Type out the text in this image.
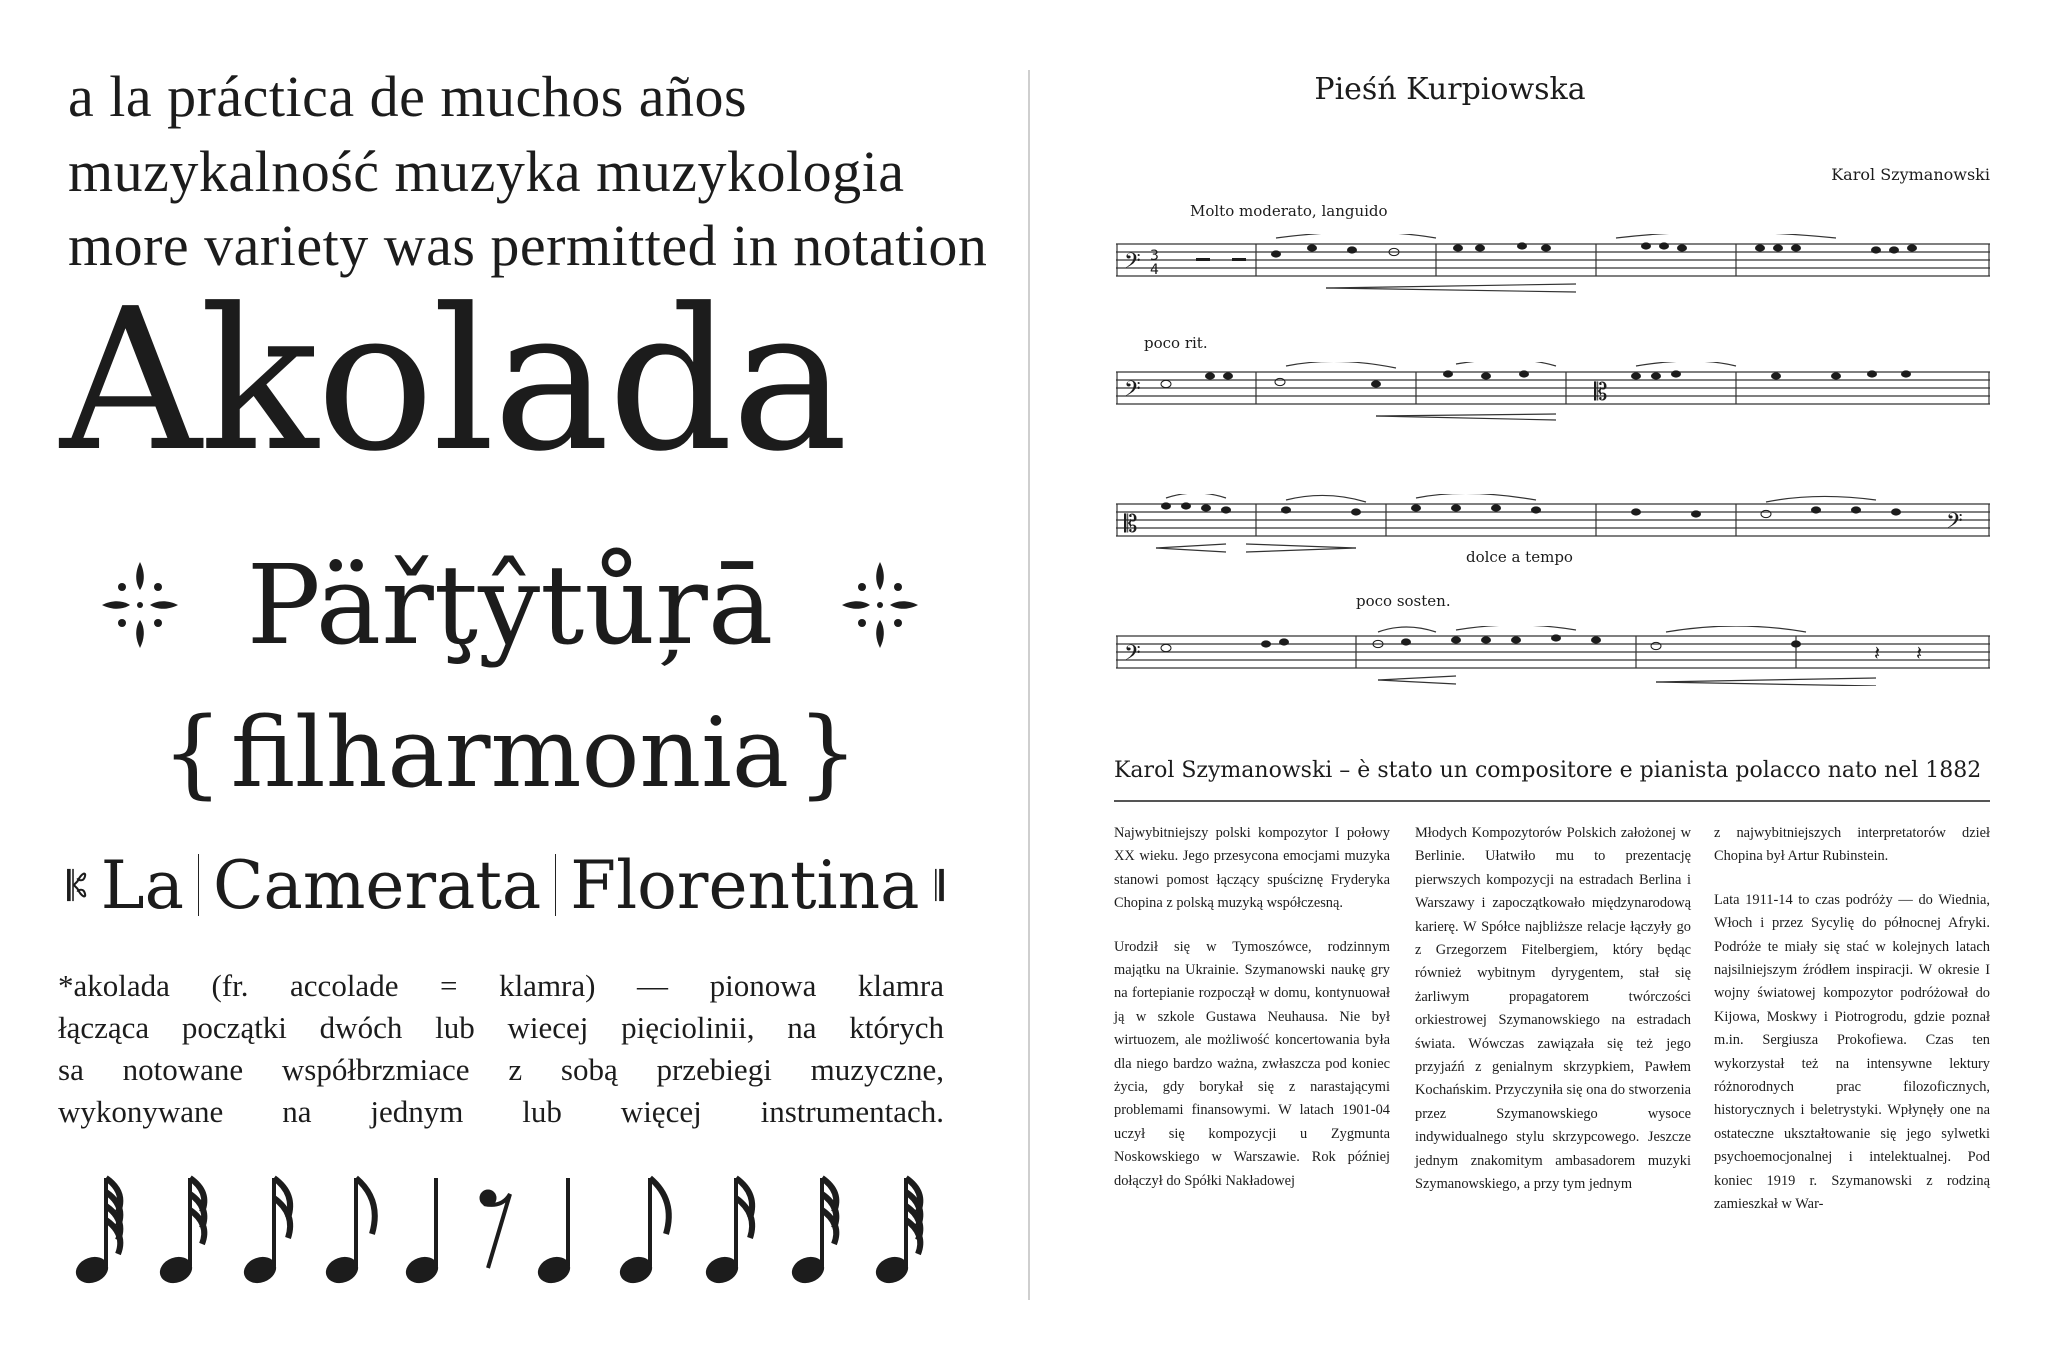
a la práctica de muchos años
muzykalność muzyka muzykologia
more variety was permitted in notation
Akolada
Päřţŷtůŗā
{ filharmonia }
La Camerata Florentina
*akolada (fr. accolade = klamra) — pionowa klamra
łącząca początki dwóch lub wiecej pięciolinii, na których
sa notowane współbrzmiace z sobą przebiegi muzyczne,
wykonywane na jednym lub więcej instrumentach.
Pieśń Kurpiowska
Karol Szymanowski
Molto moderato, languido
poco rit.
dolce a tempo
poco sosten.
𝄢 3
4
𝄢	𝄡
𝄡	𝄢
𝄢	𝄽 𝄽
Karol Szymanowski – è stato un compositore e pianista polacco nato nel 1882

Najwybitniejszy polski kompozytor I połowy XX wieku. Jego przesycona emocjami muzyka stanowi pomost łączący spuściznę Fryderyka Chopina z polską muzyką współczesną.

Urodził się w Tymoszówce, rodzinnym majątku na Ukrainie. Szymanowski naukę gry na fortepianie rozpoczął w domu, kontynuował ją w szkole Gustawa Neuhausa. Nie był wirtuozem, ale możliwość koncertowania była dla niego bardzo ważna, zwłaszcza pod koniec życia, gdy borykał się z narastającymi problemami finansowymi. W latach 1901-04 uczył się kompozycji u Zygmunta Noskowskiego w Warszawie. Rok później dołączył do Spółki Nakładowej

Młodych Kompozytorów Polskich założonej w Berlinie. Ułatwiło mu to prezentację pierwszych kompozycji na estradach Berlina i Warszawy i zapoczątkowało międzynarodową karierę. W Spółce najbliższe relacje łączyły go z Grzegorzem Fitelbergiem, który będąc również wybitnym dyrygentem, stał się żarliwym propagatorem twórczości orkiestrowej Szymanowskiego na estradach świata. Wówczas zawiązała się też jego przyjaźń z genialnym skrzypkiem, Pawłem Kochańskim. Przyczyniła się ona do stworzenia przez Szymanowskiego wysoce indywidualnego stylu skrzypcowego. Jeszcze jednym znakomitym ambasadorem muzyki Szymanowskiego, a przy tym jednym

z najwybitniejszych interpretatorów dzieł Chopina był Artur Rubinstein.

Lata 1911-14 to czas podróży — do Wiednia, Włoch i przez Sycylię do północnej Afryki. Podróże te miały się stać w kolejnych latach najsilniejszym źródłem inspiracji. W okresie I wojny światowej kompozytor podróżował do Kijowa, Moskwy i Piotrogrodu, gdzie poznał m.in. Sergiusza Prokofiewa. Czas ten wykorzystał też na intensywne lektury różnorodnych prac filozoficznych, historycznych i beletrystyki. Wpłynęły one na ostateczne ukształtowanie się jego sylwetki psychoemocjonalnej i intelektualnej. Pod koniec 1919 r. Szymanowski z rodziną zamieszkał w War-
